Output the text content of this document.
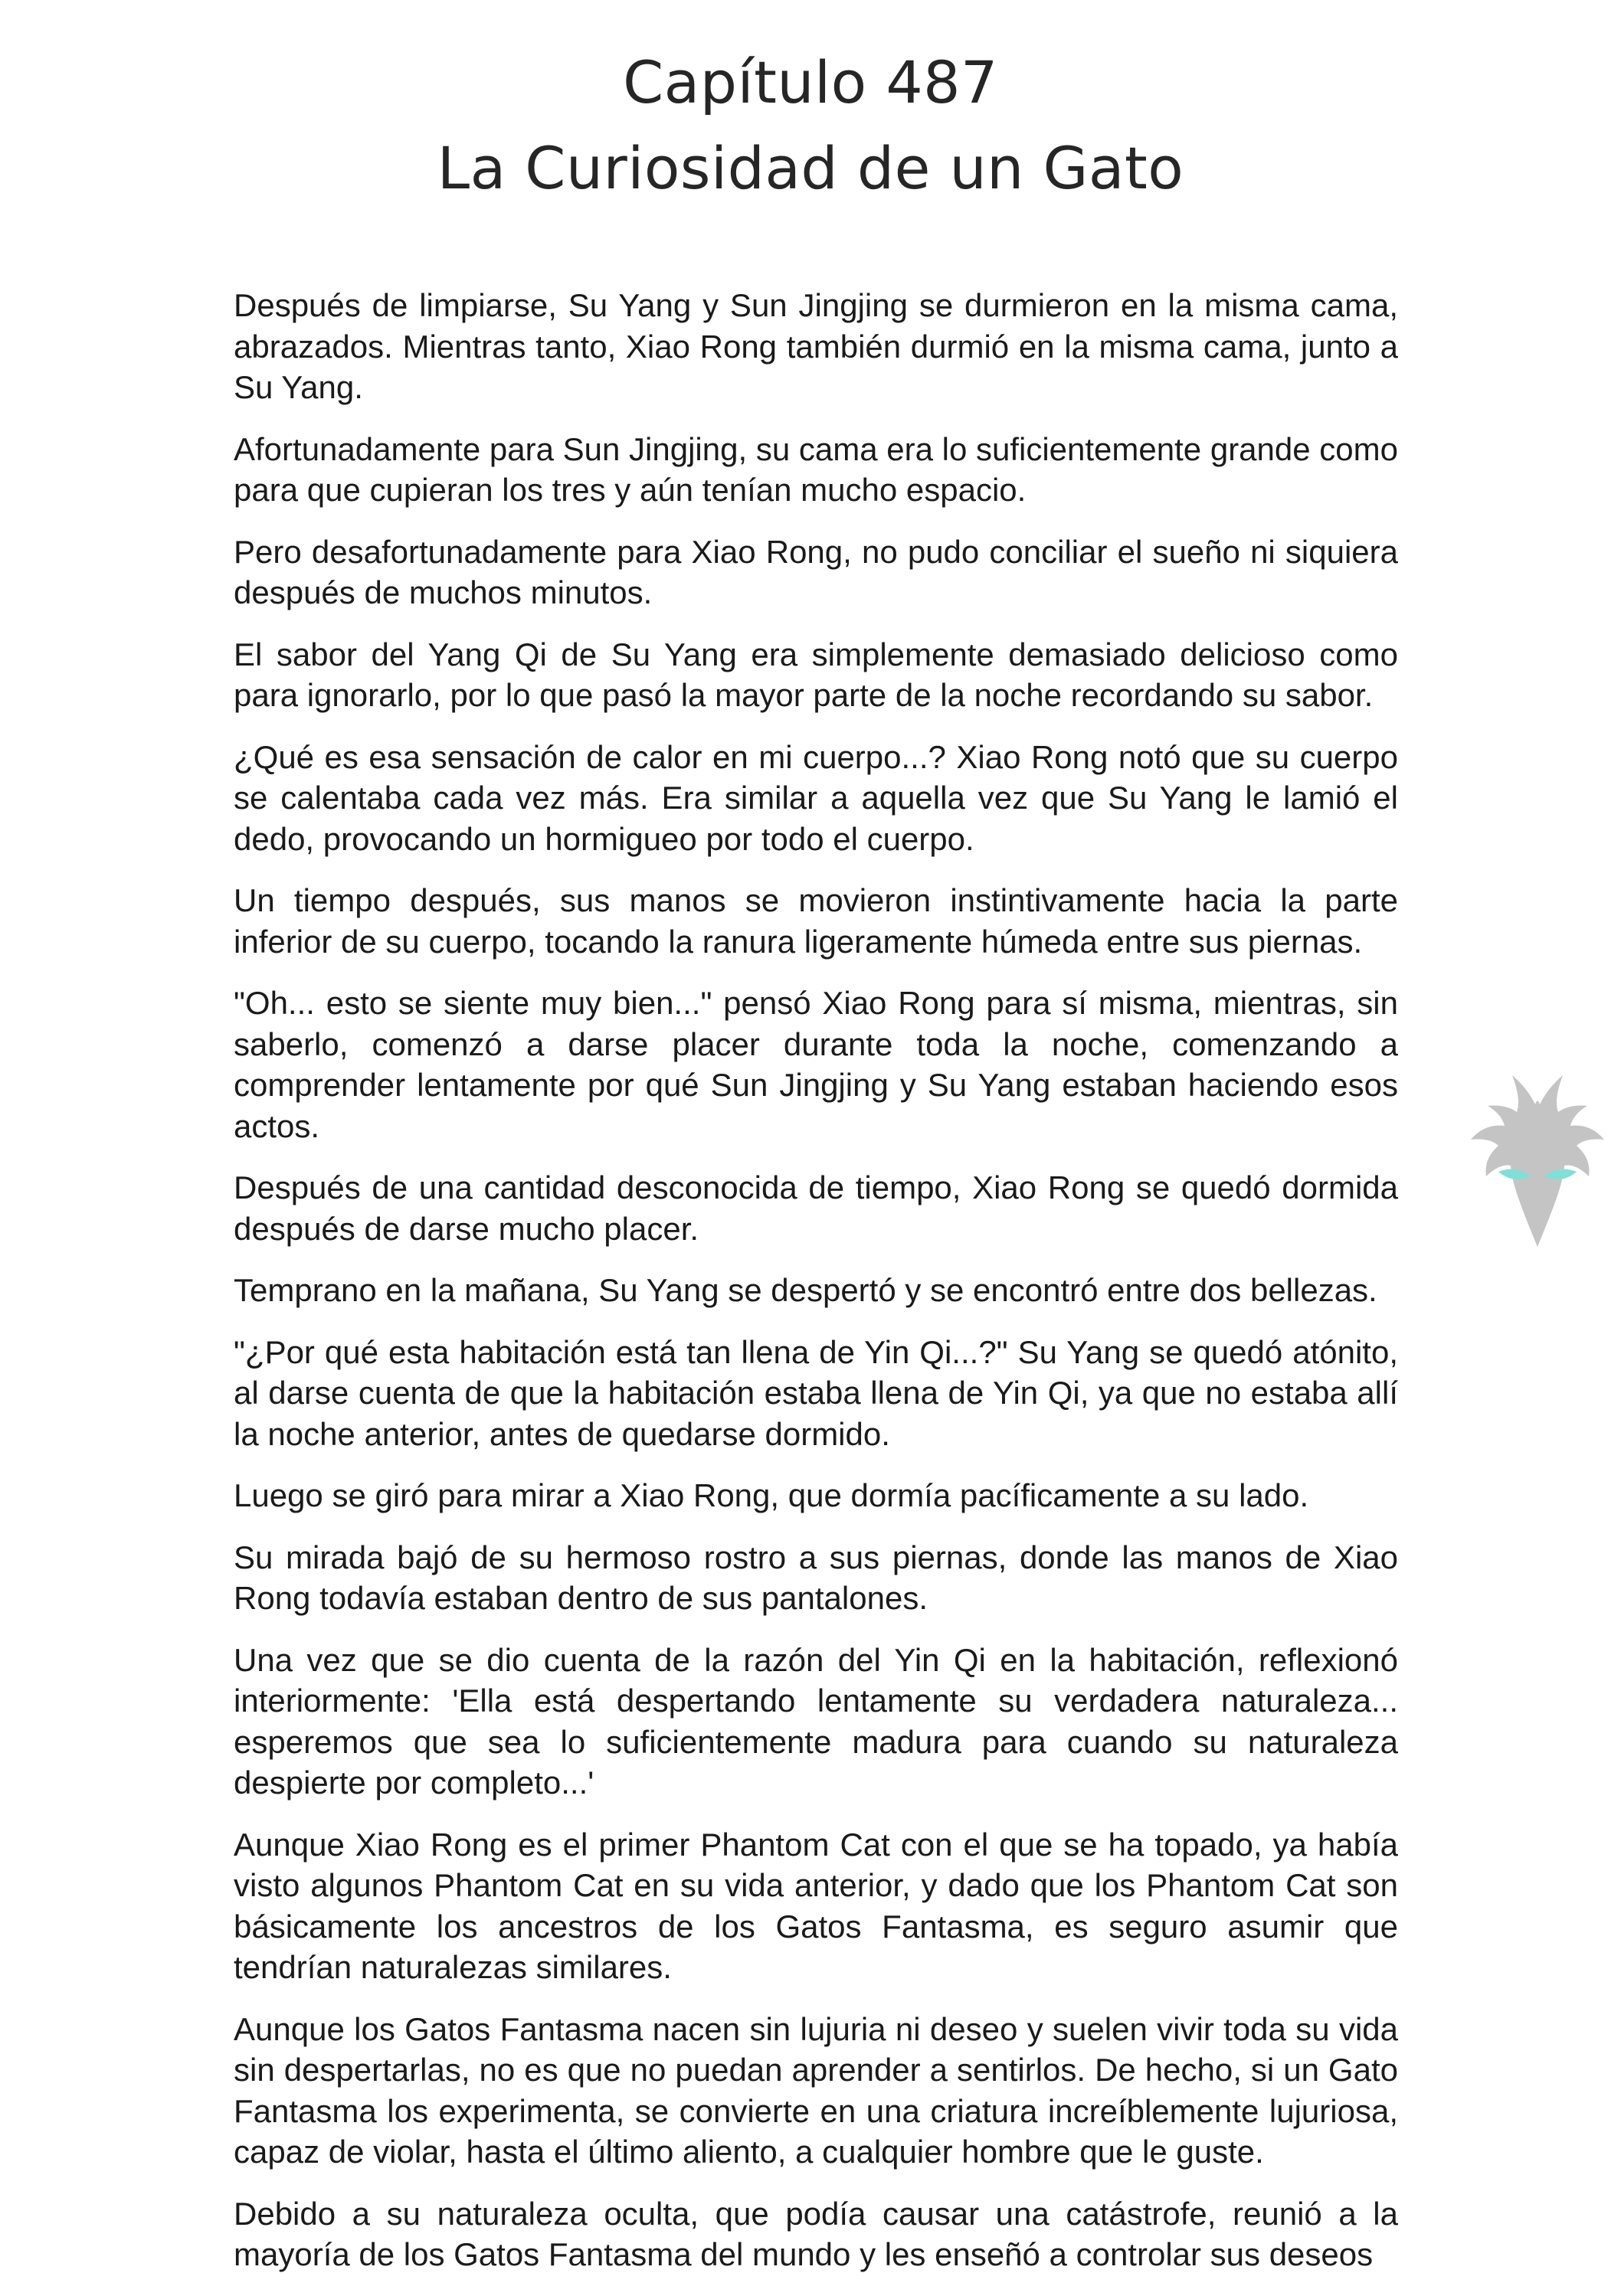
Capítulo 487

La Curiosidad de un Gato

Después de limpiarse, Su Yang y Sun Jingjing se durmieron en la misma cama, abrazados. Mientras tanto, Xiao Rong también durmió en la misma cama, junto a Su Yang.

Afortunadamente para Sun Jingjing, su cama era lo suficientemente grande como para que cupieran los tres y aún tenían mucho espacio.

Pero desafortunadamente para Xiao Rong, no pudo conciliar el sueño ni siquiera después de muchos minutos.

El sabor del Yang Qi de Su Yang era simplemente demasiado delicioso como para ignorarlo, por lo que pasó la mayor parte de la noche recordando su sabor.

¿Qué es esa sensación de calor en mi cuerpo...? Xiao Rong notó que su cuerpo se calentaba cada vez más. Era similar a aquella vez que Su Yang le lamió el dedo, provocando un hormigueo por todo el cuerpo.

Un tiempo después, sus manos se movieron instintivamente hacia la parte inferior de su cuerpo, tocando la ranura ligeramente húmeda entre sus piernas.

"Oh... esto se siente muy bien..." pensó Xiao Rong para sí misma, mientras, sin saberlo, comenzó a darse placer durante toda la noche, comenzando a comprender lentamente por qué Sun Jingjing y Su Yang estaban haciendo esos actos.

Después de una cantidad desconocida de tiempo, Xiao Rong se quedó dormida después de darse mucho placer.

Temprano en la mañana, Su Yang se despertó y se encontró entre dos bellezas.

"¿Por qué esta habitación está tan llena de Yin Qi...?" Su Yang se quedó atónito, al darse cuenta de que la habitación estaba llena de Yin Qi, ya que no estaba allí la noche anterior, antes de quedarse dormido.

Luego se giró para mirar a Xiao Rong, que dormía pacíficamente a su lado.

Su mirada bajó de su hermoso rostro a sus piernas, donde las manos de Xiao Rong todavía estaban dentro de sus pantalones.

Una vez que se dio cuenta de la razón del Yin Qi en la habitación, reflexionó interiormente: 'Ella está despertando lentamente su verdadera naturaleza... esperemos que sea lo suficientemente madura para cuando su naturaleza despierte por completo...'

Aunque Xiao Rong es el primer Phantom Cat con el que se ha topado, ya había visto algunos Phantom Cat en su vida anterior, y dado que los Phantom Cat son básicamente los ancestros de los Gatos Fantasma, es seguro asumir que tendrían naturalezas similares.

Aunque los Gatos Fantasma nacen sin lujuria ni deseo y suelen vivir toda su vida sin despertarlas, no es que no puedan aprender a sentirlos. De hecho, si un Gato Fantasma los experimenta, se convierte en una criatura increíblemente lujuriosa, capaz de violar, hasta el último aliento, a cualquier hombre que le guste.

Debido a su naturaleza oculta, que podía causar una catástrofe, reunió a la mayoría de los Gatos Fantasma del mundo y les enseñó a controlar sus deseos
